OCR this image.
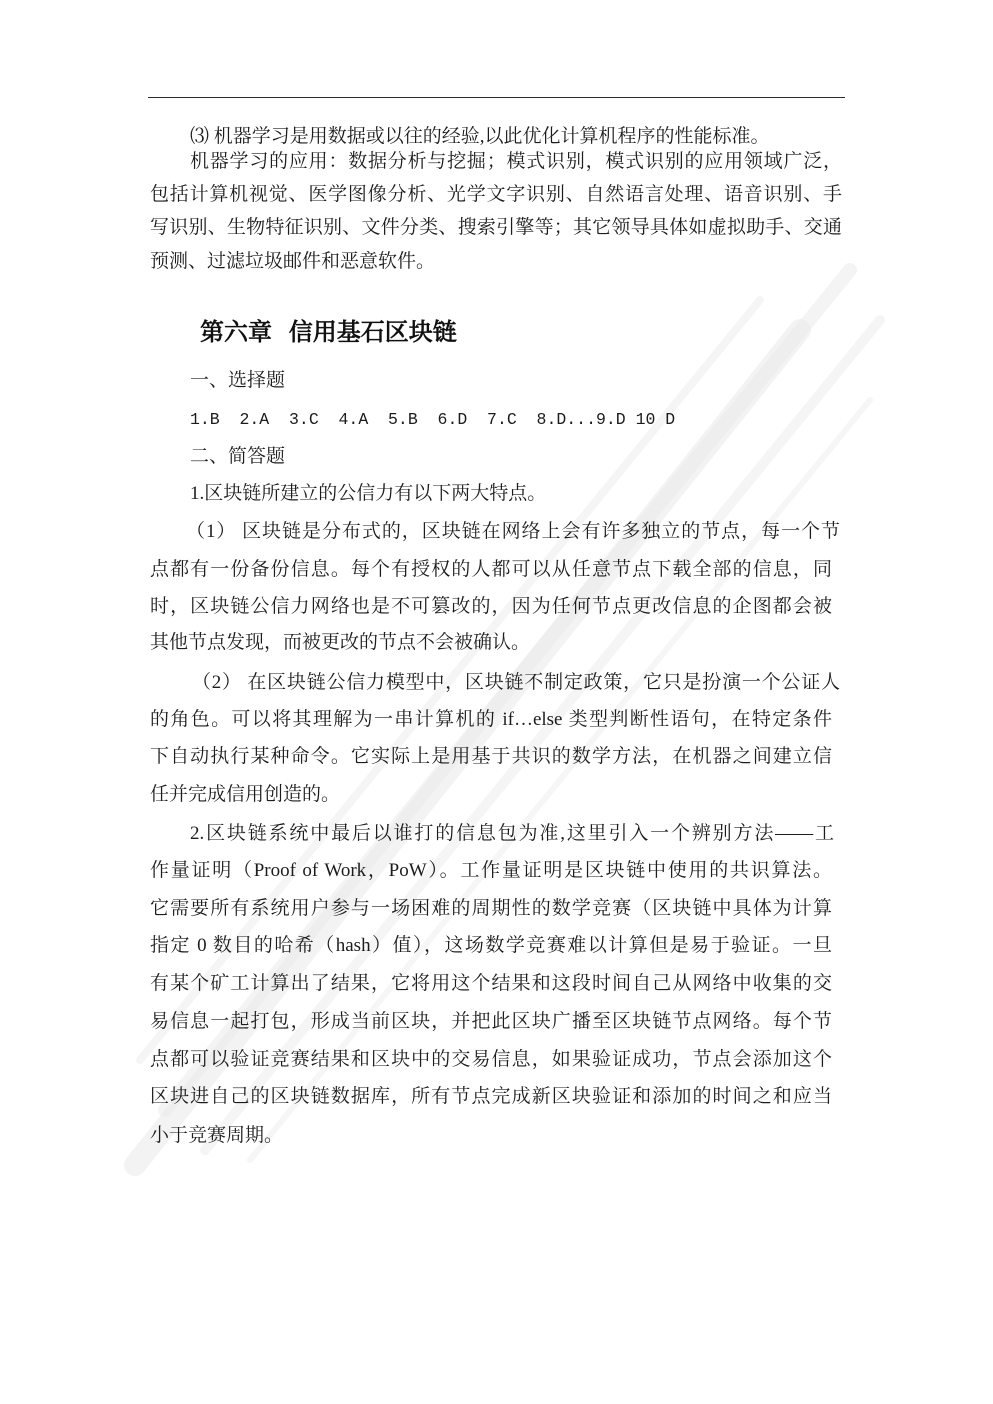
⑶ 机器学习是用数据或以往的经验,以此优化计算机程序的性能标准。
机器学习的应用：数据分析与挖掘；模式识别，模式识别的应用领域广泛，
包括计算机视觉、医学图像分析、光学文字识别、自然语言处理、语音识别、手
写识别、生物特征识别、文件分类、搜索引擎等；其它领导具体如虚拟助手、交通
预测、过滤垃圾邮件和恶意软件。
第六章  信用基石区块链
一、选择题
1.B  2.A  3.C  4.A  5.B  6.D  7.C  8.D...9.D 10 D
二、简答题
1.区块链所建立的公信力有以下两大特点。
（1） 区块链是分布式的，区块链在网络上会有许多独立的节点，每一个节
点都有一份备份信息。每个有授权的人都可以从任意节点下载全部的信息，同
时，区块链公信力网络也是不可篡改的，因为任何节点更改信息的企图都会被
其他节点发现，而被更改的节点不会被确认。
（2） 在区块链公信力模型中，区块链不制定政策，它只是扮演一个公证人
的角色。可以将其理解为一串计算机的 if…else 类型判断性语句，在特定条件
下自动执行某种命令。它实际上是用基于共识的数学方法，在机器之间建立信
任并完成信用创造的。
2.区块链系统中最后以谁打的信息包为准,这里引入一个辨别方法——工
作量证明（Proof of Work，PoW）。工作量证明是区块链中使用的共识算法。
它需要所有系统用户参与一场困难的周期性的数学竞赛（区块链中具体为计算
指定 0 数目的哈希（hash）值），这场数学竞赛难以计算但是易于验证。一旦
有某个矿工计算出了结果，它将用这个结果和这段时间自己从网络中收集的交
易信息一起打包，形成当前区块，并把此区块广播至区块链节点网络。每个节
点都可以验证竞赛结果和区块中的交易信息，如果验证成功，节点会添加这个
区块进自己的区块链数据库，所有节点完成新区块验证和添加的时间之和应当
小于竞赛周期。
